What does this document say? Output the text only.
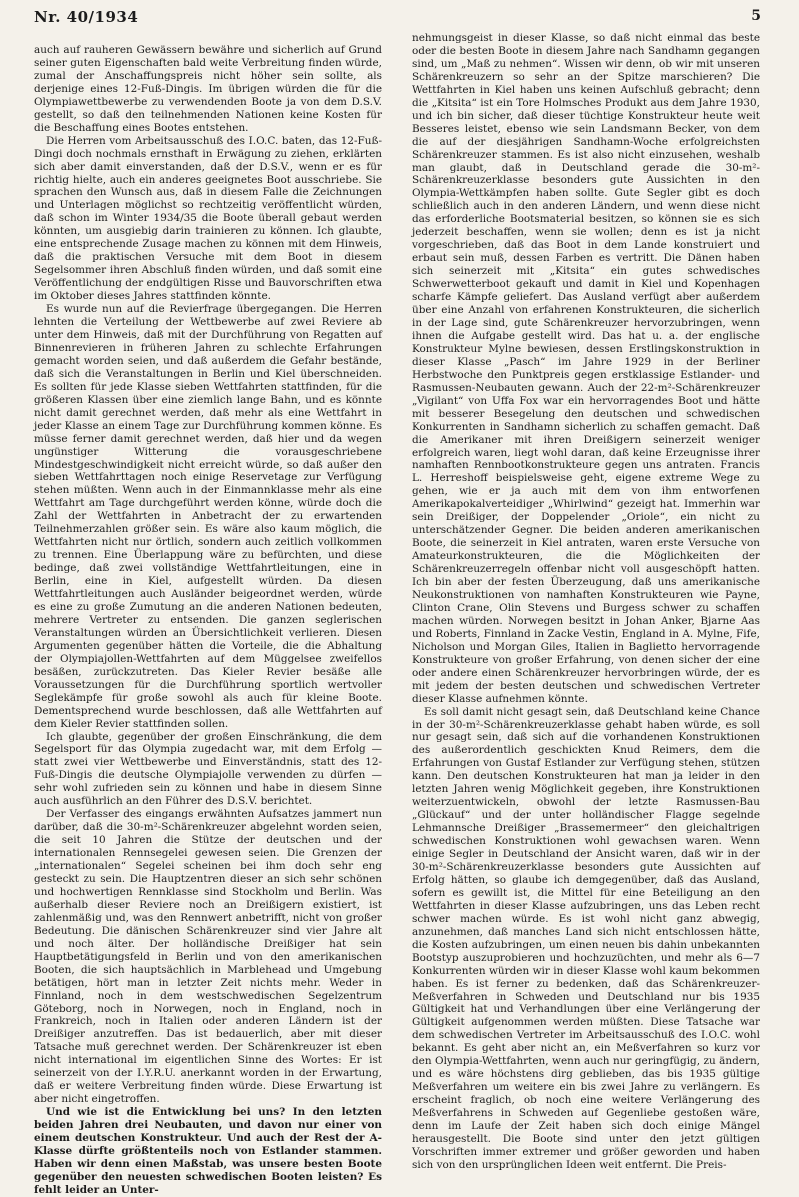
Nr. 40/1934	5

auch auf rauheren Gewässern bewähre und sicherlich auf Grund seiner guten Eigenschaften bald weite Verbreitung finden würde, zumal der Anschaffungspreis nicht höher sein sollte, als derjenige eines 12-Fuß-Dingis. Im übrigen würden die für die Olympiawettbewerbe zu verwendenden Boote ja von dem D.S.V. gestellt, so daß den teilnehmenden Nationen keine Kosten für die Beschaffung eines Bootes entstehen.

Die Herren vom Arbeitsausschuß des I.O.C. baten, das 12-Fuß-Dingi doch nochmals ernsthaft in Erwägung zu ziehen, erklärten sich aber damit einverstanden, daß der D.S.V., wenn er es für richtig hielte, auch ein anderes geeignetes Boot ausschriebe. Sie sprachen den Wunsch aus, daß in diesem Falle die Zeichnungen und Unterlagen möglichst so rechtzeitig veröffentlicht würden, daß schon im Winter 1934/35 die Boote überall gebaut werden könnten, um ausgiebig darin trainieren zu können. Ich glaubte, eine entsprechende Zusage machen zu können mit dem Hinweis, daß die praktischen Versuche mit dem Boot in diesem Segelsommer ihren Abschluß finden würden, und daß somit eine Veröffentlichung der endgültigen Risse und Bauvorschriften etwa im Oktober dieses Jahres stattfinden könnte.

Es wurde nun auf die Revierfrage übergegangen. Die Herren lehnten die Verteilung der Wettbewerbe auf zwei Reviere ab unter dem Hinweis, daß mit der Durchführung von Regatten auf Binnenrevieren in früheren Jahren zu schlechte Erfahrungen gemacht worden seien, und daß außerdem die Gefahr bestände, daß sich die Veranstaltungen in Berlin und Kiel überschneiden. Es sollten für jede Klasse sieben Wettfahrten stattfinden, für die größeren Klassen über eine ziemlich lange Bahn, und es könnte nicht damit gerechnet werden, daß mehr als eine Wettfahrt in jeder Klasse an einem Tage zur Durchführung kommen könne. Es müsse ferner damit gerechnet werden, daß hier und da wegen ungünstiger Witterung die vorausgeschriebene Mindestgeschwindigkeit nicht erreicht würde, so daß außer den sieben Wettfahrttagen noch einige Reservetage zur Verfügung stehen müßten. Wenn auch in der Einmannklasse mehr als eine Wettfahrt am Tage durchgeführt werden könne, würde doch die Zahl der Wettfahrten in Anbetracht der zu erwartenden Teilnehmerzahlen größer sein. Es wäre also kaum möglich, die Wettfahrten nicht nur örtlich, sondern auch zeitlich vollkommen zu trennen. Eine Überlappung wäre zu befürchten, und diese bedinge, daß zwei vollständige Wettfahrtleitungen, eine in Berlin, eine in Kiel, aufgestellt würden. Da diesen Wettfahrtleitungen auch Ausländer beigeordnet werden, würde es eine zu große Zumutung an die anderen Nationen bedeuten, mehrere Vertreter zu entsenden. Die ganzen seglerischen Veranstaltungen würden an Übersichtlichkeit verlieren. Diesen Argumenten gegenüber hätten die Vorteile, die die Abhaltung der Olympiajollen-Wettfahrten auf dem Müggelsee zweifellos besäßen, zurückzutreten. Das Kieler Revier besäße alle Voraussetzungen für die Durchführung sportlich wertvoller Seglekämpfe für große sowohl als auch für kleine Boote. Dementsprechend wurde beschlossen, daß alle Wettfahrten auf dem Kieler Revier stattfinden sollen.

Ich glaubte, gegenüber der großen Einschränkung, die dem Segelsport für das Olympia zugedacht war, mit dem Erfolg — statt zwei vier Wettbewerbe und Einverständnis, statt des 12-Fuß-Dingis die deutsche Olympiajolle verwenden zu dürfen — sehr wohl zufrieden sein zu können und habe in diesem Sinne auch ausführlich an den Führer des D.S.V. berichtet.

Der Verfasser des eingangs erwähnten Aufsatzes jammert nun darüber, daß die 30-m²-Schärenkreuzer abgelehnt worden seien, die seit 10 Jahren die Stütze der deutschen und der internationalen Rennsegelei gewesen seien. Die Grenzen der „internationalen“ Segelei scheinen bei ihm doch sehr eng gesteckt zu sein. Die Hauptzentren dieser an sich sehr schönen und hochwertigen Rennklasse sind Stockholm und Berlin. Was außerhalb dieser Reviere noch an Dreißigern existiert, ist zahlenmäßig und, was den Rennwert anbetrifft, nicht von großer Bedeutung. Die dänischen Schärenkreuzer sind vier Jahre alt und noch älter. Der holländische Dreißiger hat sein Hauptbetätigungsfeld in Berlin und von den amerikanischen Booten, die sich hauptsächlich in Marblehead und Umgebung betätigen, hört man in letzter Zeit nichts mehr. Weder in Finnland, noch in dem westschwedischen Segelzentrum Göteborg, noch in Norwegen, noch in England, noch in Frankreich, noch in Italien oder anderen Ländern ist der Dreißiger anzutreffen. Das ist bedauerlich, aber mit dieser Tatsache muß gerechnet werden. Der Schärenkreuzer ist eben nicht international im eigentlichen Sinne des Wortes: Er ist seinerzeit von der I.Y.R.U. anerkannt worden in der Erwartung, daß er weitere Verbreitung finden würde. Diese Erwartung ist aber nicht eingetroffen.

Und wie ist die Entwicklung bei uns? In den letzten beiden Jahren drei Neubauten, und davon nur einer von einem deutschen Konstrukteur. Und auch der Rest der A-Klasse dürfte größtenteils noch von Estlander stammen. Haben wir denn einen Maßstab, was unsere besten Boote gegenüber den neuesten schwedischen Booten leisten? Es fehlt leider an Unter-

nehmungsgeist in dieser Klasse, so daß nicht einmal das beste oder die besten Boote in diesem Jahre nach Sandhamn gegangen sind, um „Maß zu nehmen“. Wissen wir denn, ob wir mit unseren Schärenkreuzern so sehr an der Spitze marschieren? Die Wettfahrten in Kiel haben uns keinen Aufschluß gebracht; denn die „Kitsita“ ist ein Tore Holmsches Produkt aus dem Jahre 1930, und ich bin sicher, daß dieser tüchtige Konstrukteur heute weit Besseres leistet, ebenso wie sein Landsmann Becker, von dem die auf der diesjährigen Sandhamn-Woche erfolgreichsten Schärenkreuzer stammen. Es ist also nicht einzusehen, weshalb man glaubt, daß in Deutschland gerade die 30-m²-Schärenkreuzerklasse besonders gute Aussichten in den Olympia-Wettkämpfen haben sollte. Gute Segler gibt es doch schließlich auch in den anderen Ländern, und wenn diese nicht das erforderliche Bootsmaterial besitzen, so können sie es sich jederzeit beschaffen, wenn sie wollen; denn es ist ja nicht vorgeschrieben, daß das Boot in dem Lande konstruiert und erbaut sein muß, dessen Farben es vertritt. Die Dänen haben sich seinerzeit mit „Kitsita“ ein gutes schwedisches Schwerwetterboot gekauft und damit in Kiel und Kopenhagen scharfe Kämpfe geliefert. Das Ausland verfügt aber außerdem über eine Anzahl von erfahrenen Konstrukteuren, die sicherlich in der Lage sind, gute Schärenkreuzer hervorzubringen, wenn ihnen die Aufgabe gestellt wird. Das hat u. a. der englische Konstrukteur Mylne bewiesen, dessen Erstlingskonstruktion in dieser Klasse „Pasch“ im Jahre 1929 in der Berliner Herbstwoche den Punktpreis gegen erstklassige Estlander- und Rasmussen-Neubauten gewann. Auch der 22-m²-Schärenkreuzer „Vigilant“ von Uffa Fox war ein hervorragendes Boot und hätte mit besserer Besegelung den deutschen und schwedischen Konkurrenten in Sandhamn sicherlich zu schaffen gemacht. Daß die Amerikaner mit ihren Dreißigern seinerzeit weniger erfolgreich waren, liegt wohl daran, daß keine Erzeugnisse ihrer namhaften Rennbootkonstrukteure gegen uns antraten. Francis L. Herreshoff beispielsweise geht, eigene extreme Wege zu gehen, wie er ja auch mit dem von ihm entworfenen Amerikapokalverteidiger „Whirlwind“ gezeigt hat. Immerhin war sein Dreißiger, der Doppelender „Oriole“, ein nicht zu unterschätzender Gegner. Die beiden anderen amerikanischen Boote, die seinerzeit in Kiel antraten, waren erste Versuche von Amateurkonstrukteuren, die die Möglichkeiten der Schärenkreuzerregeln offenbar nicht voll ausgeschöpft hatten. Ich bin aber der festen Überzeugung, daß uns amerikanische Neukonstruktionen von namhaften Konstrukteuren wie Payne, Clinton Crane, Olin Stevens und Burgess schwer zu schaffen machen würden. Norwegen besitzt in Johan Anker, Bjarne Aas und Roberts, Finnland in Zacke Vestin, England in A. Mylne, Fife, Nicholson und Morgan Giles, Italien in Baglietto hervorragende Konstrukteure von großer Erfahrung, von denen sicher der eine oder andere einen Schärenkreuzer hervorbringen würde, der es mit jedem der besten deutschen und schwedischen Vertreter dieser Klasse aufnehmen könnte.

Es soll damit nicht gesagt sein, daß Deutschland keine Chance in der 30-m²-Schärenkreuzerklasse gehabt haben würde, es soll nur gesagt sein, daß sich auf die vorhandenen Konstruktionen des außerordentlich geschickten Knud Reimers, dem die Erfahrungen von Gustaf Estlander zur Verfügung stehen, stützen kann. Den deutschen Konstrukteuren hat man ja leider in den letzten Jahren wenig Möglichkeit gegeben, ihre Konstruktionen weiterzuentwickeln, obwohl der letzte Rasmussen-Bau „Glückauf“ und der unter holländischer Flagge segelnde Lehmannsche Dreißiger „Brassemermeer“ den gleichaltrigen schwedischen Konstruktionen wohl gewachsen waren. Wenn einige Segler in Deutschland der Ansicht waren, daß wir in der 30-m²-Schärenkreuzerklasse besonders gute Aussichten auf Erfolg hätten, so glaube ich demgegenüber, daß das Ausland, sofern es gewillt ist, die Mittel für eine Beteiligung an den Wettfahrten in dieser Klasse aufzubringen, uns das Leben recht schwer machen würde. Es ist wohl nicht ganz abwegig, anzunehmen, daß manches Land sich nicht entschlossen hätte, die Kosten aufzubringen, um einen neuen bis dahin unbekannten Bootstyp auszuprobieren und hochzuzüchten, und mehr als 6—7 Konkurrenten würden wir in dieser Klasse wohl kaum bekommen haben. Es ist ferner zu bedenken, daß das Schärenkreuzer-Meßverfahren in Schweden und Deutschland nur bis 1935 Gültigkeit hat und Verhandlungen über eine Verlängerung der Gültigkeit aufgenommen werden müßten. Diese Tatsache war dem schwedischen Vertreter im Arbeitsausschuß des I.O.C. wohl bekannt. Es geht aber nicht an, ein Meßverfahren so kurz vor den Olympia-Wettfahrten, wenn auch nur geringfügig, zu ändern, und es wäre höchstens dirg geblieben, das bis 1935 gültige Meßverfahren um weitere ein bis zwei Jahre zu verlängern. Es erscheint fraglich, ob noch eine weitere Verlängerung des Meßverfahrens in Schweden auf Gegenliebe gestoßen wäre, denn im Laufe der Zeit haben sich doch einige Mängel herausgestellt. Die Boote sind unter den jetzt gültigen Vorschriften immer extremer und größer geworden und haben sich von den ursprünglichen Ideen weit entfernt. Die Preis-
